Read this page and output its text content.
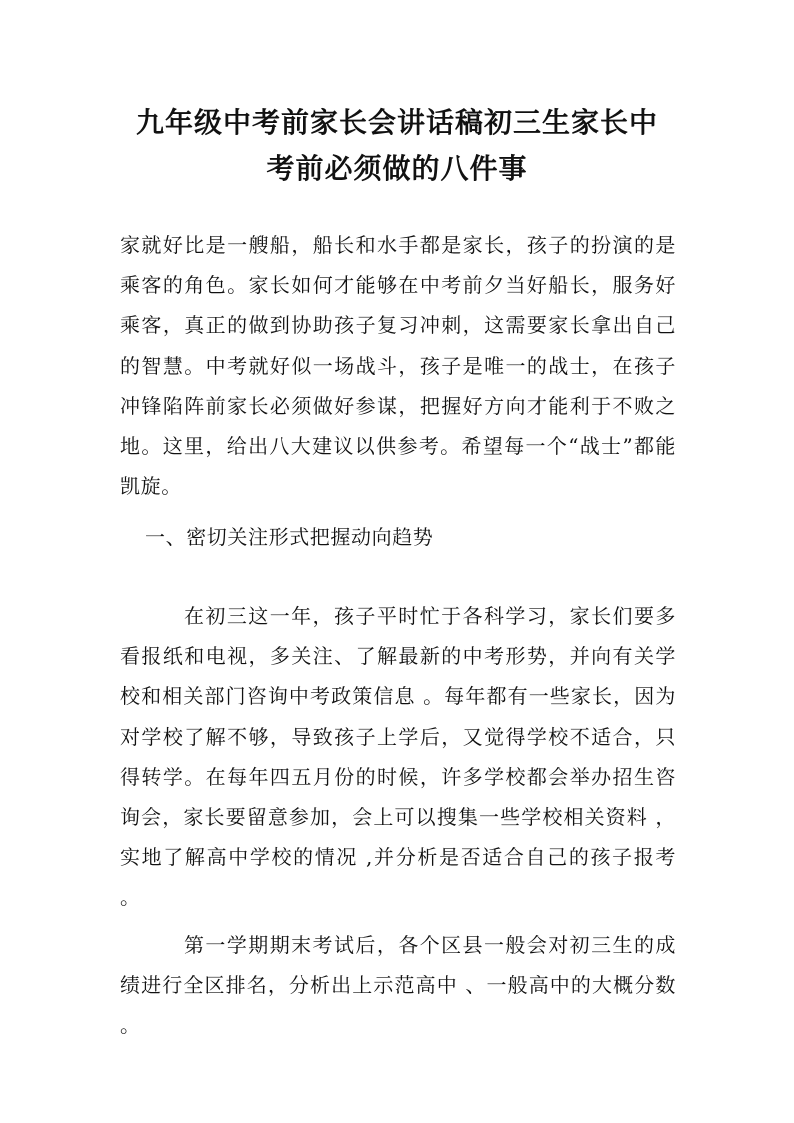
九年级中考前家长会讲话稿初三生家长中
考前必须做的八件事

家就好比是一艘船，船长和水手都是家长，孩子的扮演的是乘客的角色。家长如何才能够在中考前夕当好船长，服务好乘客，真正的做到协助孩子复习冲刺，这需要家长拿出自己的智慧。中考就好似一场战斗，孩子是唯一的战士，在孩子冲锋陷阵前家长必须做好参谋，把握好方向才能利于不败之地。这里，给出八大建议以供参考。希望每一个“战士”都能凯旋。

一、密切关注形式把握动向趋势

在初三这一年，孩子平时忙于各科学习，家长们要多看报纸和电视，多关注、了解最新的中考形势，并向有关学校和相关部门咨询中考政策信息 。每年都有一些家长，因为对学校了解不够，导致孩子上学后，又觉得学校不适合，只得转学。在每年四五月份的时候，许多学校都会举办招生咨询会，家长要留意参加，会上可以搜集一些学校相关资料 ，实地了解高中学校的情况 ,并分析是否适合自己的孩子报考 。

第一学期期末考试后，各个区县一般会对初三生的成绩进行全区排名，分析出上示范高中 、一般高中的大概分数 。
